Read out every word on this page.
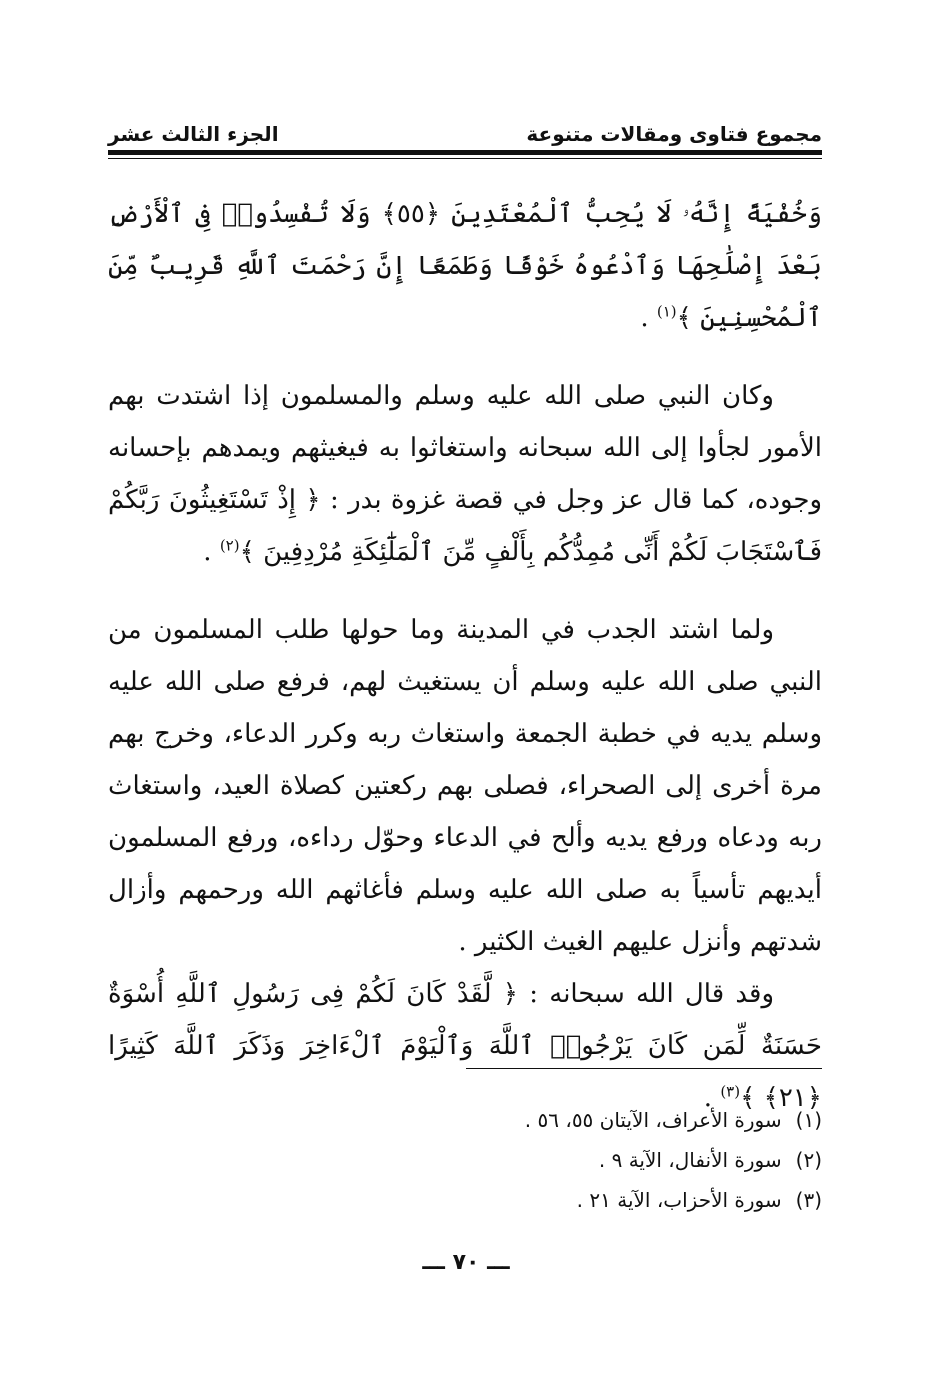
مجموع فتاوى ومقالات متنوعة
الجزء الثالث عشر

وَخُفْيَةً إِنَّهُۥ لَا يُحِبُّ ٱلْمُعْتَدِينَ ﴿٥٥﴾ وَلَا تُفْسِدُوا۟ فِى ٱلْأَرْضِ بَعْدَ إِصْلَٰحِهَا وَٱدْعُوهُ خَوْفًا وَطَمَعًا إِنَّ رَحْمَتَ ٱللَّهِ قَرِيبٌ مِّنَ ٱلْمُحْسِنِينَ ﴾$^{(١)}$ .

وكان النبي صلى الله عليه وسلم والمسلمون إذا اشتدت بهم الأمور لجأوا إلى الله سبحانه واستغاثوا به فيغيثهم ويمدهم بإحسانه وجوده، كما قال عز وجل في قصة غزوة بدر : ﴿ إِذْ تَسْتَغِيثُونَ رَبَّكُمْ فَٱسْتَجَابَ لَكُمْ أَنِّى مُمِدُّكُم بِأَلْفٍ مِّنَ ٱلْمَلَٰٓئِكَةِ مُرْدِفِينَ ﴾$^{(٢)}$ .

ولما اشتد الجدب في المدينة وما حولها طلب المسلمون من النبي صلى الله عليه وسلم أن يستغيث لهم، فرفع صلى الله عليه وسلم يديه في خطبة الجمعة واستغاث ربه وكرر الدعاء، وخرج بهم مرة أخرى إلى الصحراء، فصلى بهم ركعتين كصلاة العيد، واستغاث ربه ودعاه ورفع يديه وألح في الدعاء وحوّل رداءه، ورفع المسلمون أيديهم تأسياً به صلى الله عليه وسلم فأغاثهم الله ورحمهم وأزال شدتهم وأنزل عليهم الغيث الكثير .

وقد قال الله سبحانه : ﴿ لَّقَدْ كَانَ لَكُمْ فِى رَسُولِ ٱللَّهِ أُسْوَةٌ حَسَنَةٌ لِّمَن كَانَ يَرْجُوا۟ ٱللَّهَ وَٱلْيَوْمَ ٱلْءَاخِرَ وَذَكَرَ ٱللَّهَ كَثِيرًا ﴿٢١﴾ ﴾$^{(٣)}$ .

(١)
سورة الأعراف، الآيتان ٥٥، ٥٦ .
(٢)
سورة الأنفال، الآية ٩ .
(٣)
سورة الأحزاب، الآية ٢١ .
ـــ ٧٠ ـــ
